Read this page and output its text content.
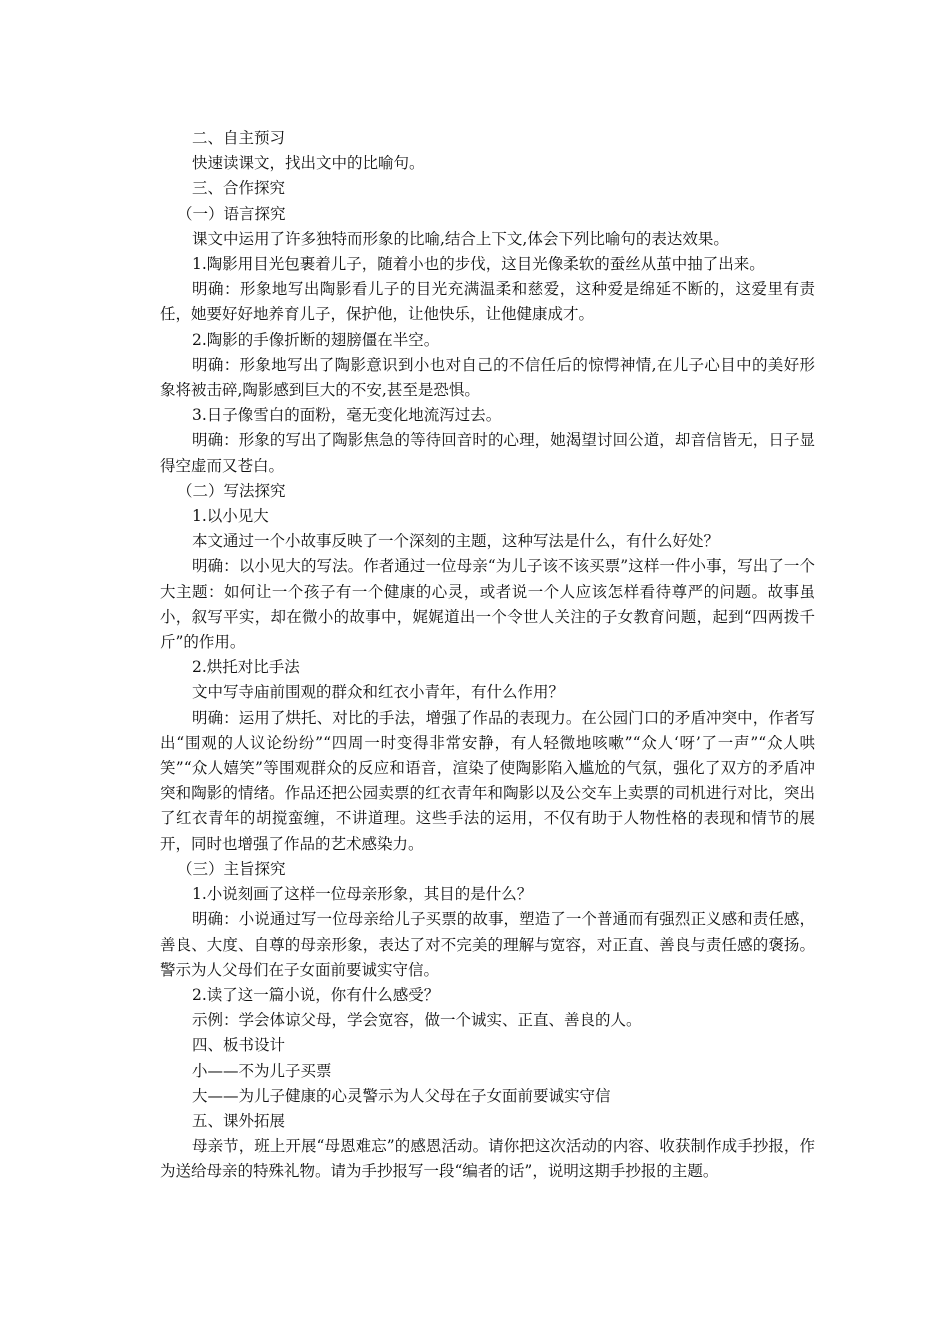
二、自主预习

快速读课文，找出文中的比喻句。

三、合作探究

（一）语言探究

课文中运用了许多独特而形象的比喻,结合上下文,体会下列比喻句的表达效果。

1.陶影用目光包裹着儿子，随着小也的步伐，这目光像柔软的蚕丝从茧中抽了出来。

明确：形象地写出陶影看儿子的目光充满温柔和慈爱，这种爱是绵延不断的，这爱里有责任，她要好好地养育儿子，保护他，让他快乐，让他健康成才。

2.陶影的手像折断的翅膀僵在半空。

明确：形象地写出了陶影意识到小也对自己的不信任后的惊愕神情,在儿子心目中的美好形象将被击碎,陶影感到巨大的不安,甚至是恐惧。

3.日子像雪白的面粉，毫无变化地流泻过去。

明确：形象的写出了陶影焦急的等待回音时的心理，她渴望讨回公道，却音信皆无，日子显得空虚而又苍白。

（二）写法探究

1.以小见大

本文通过一个小故事反映了一个深刻的主题，这种写法是什么，有什么好处？

明确：以小见大的写法。作者通过一位母亲“为儿子该不该买票”这样一件小事，写出了一个大主题：如何让一个孩子有一个健康的心灵，或者说一个人应该怎样看待尊严的问题。故事虽小，叙写平实，却在微小的故事中，娓娓道出一个令世人关注的子女教育问题，起到“四两拨千斤”的作用。

2.烘托对比手法

文中写寺庙前围观的群众和红衣小青年，有什么作用？

明确：运用了烘托、对比的手法，增强了作品的表现力。在公园门口的矛盾冲突中，作者写出“围观的人议论纷纷”“四周一时变得非常安静，有人轻微地咳嗽”“众人‘呀’了一声”“众人哄笑”“众人嬉笑”等围观群众的反应和语音，渲染了使陶影陷入尴尬的气氛，强化了双方的矛盾冲突和陶影的情绪。作品还把公园卖票的红衣青年和陶影以及公交车上卖票的司机进行对比，突出了红衣青年的胡搅蛮缠，不讲道理。这些手法的运用，不仅有助于人物性格的表现和情节的展开，同时也增强了作品的艺术感染力。

（三）主旨探究

1.小说刻画了这样一位母亲形象，其目的是什么？

明确：小说通过写一位母亲给儿子买票的故事，塑造了一个普通而有强烈正义感和责任感，善良、大度、自尊的母亲形象，表达了对不完美的理解与宽容，对正直、善良与责任感的褒扬。警示为人父母们在子女面前要诚实守信。

2.读了这一篇小说，你有什么感受？

示例：学会体谅父母，学会宽容，做一个诚实、正直、善良的人。

四、板书设计

小——不为儿子买票

大——为儿子健康的心灵警示为人父母在子女面前要诚实守信

五、课外拓展

母亲节，班上开展“母恩难忘”的感恩活动。请你把这次活动的内容、收获制作成手抄报，作为送给母亲的特殊礼物。请为手抄报写一段“编者的话”，说明这期手抄报的主题。
